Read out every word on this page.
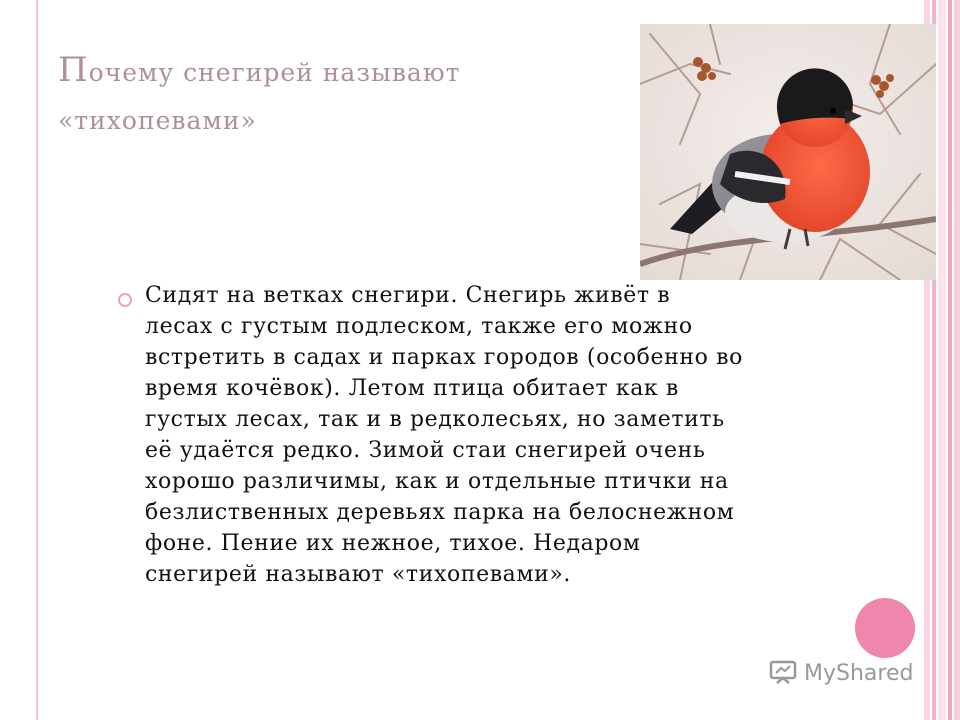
Почему снегирей называют
«тихопевами»

Сидят на ветках снегири. Снегирь живёт в
лесах с густым подлеском, также его можно
встретить в садах и парках городов (особенно во
время кочёвок). Летом птица обитает как в
густых лесах, так и в редколесьях, но заметить
её удаётся редко. Зимой стаи снегирей очень
хорошо различимы, как и отдельные птички на
безлиственных деревьях парка на белоснежном
фоне. Пение их нежное, тихое. Недаром
снегирей называют «тихопевами».

MyShared
